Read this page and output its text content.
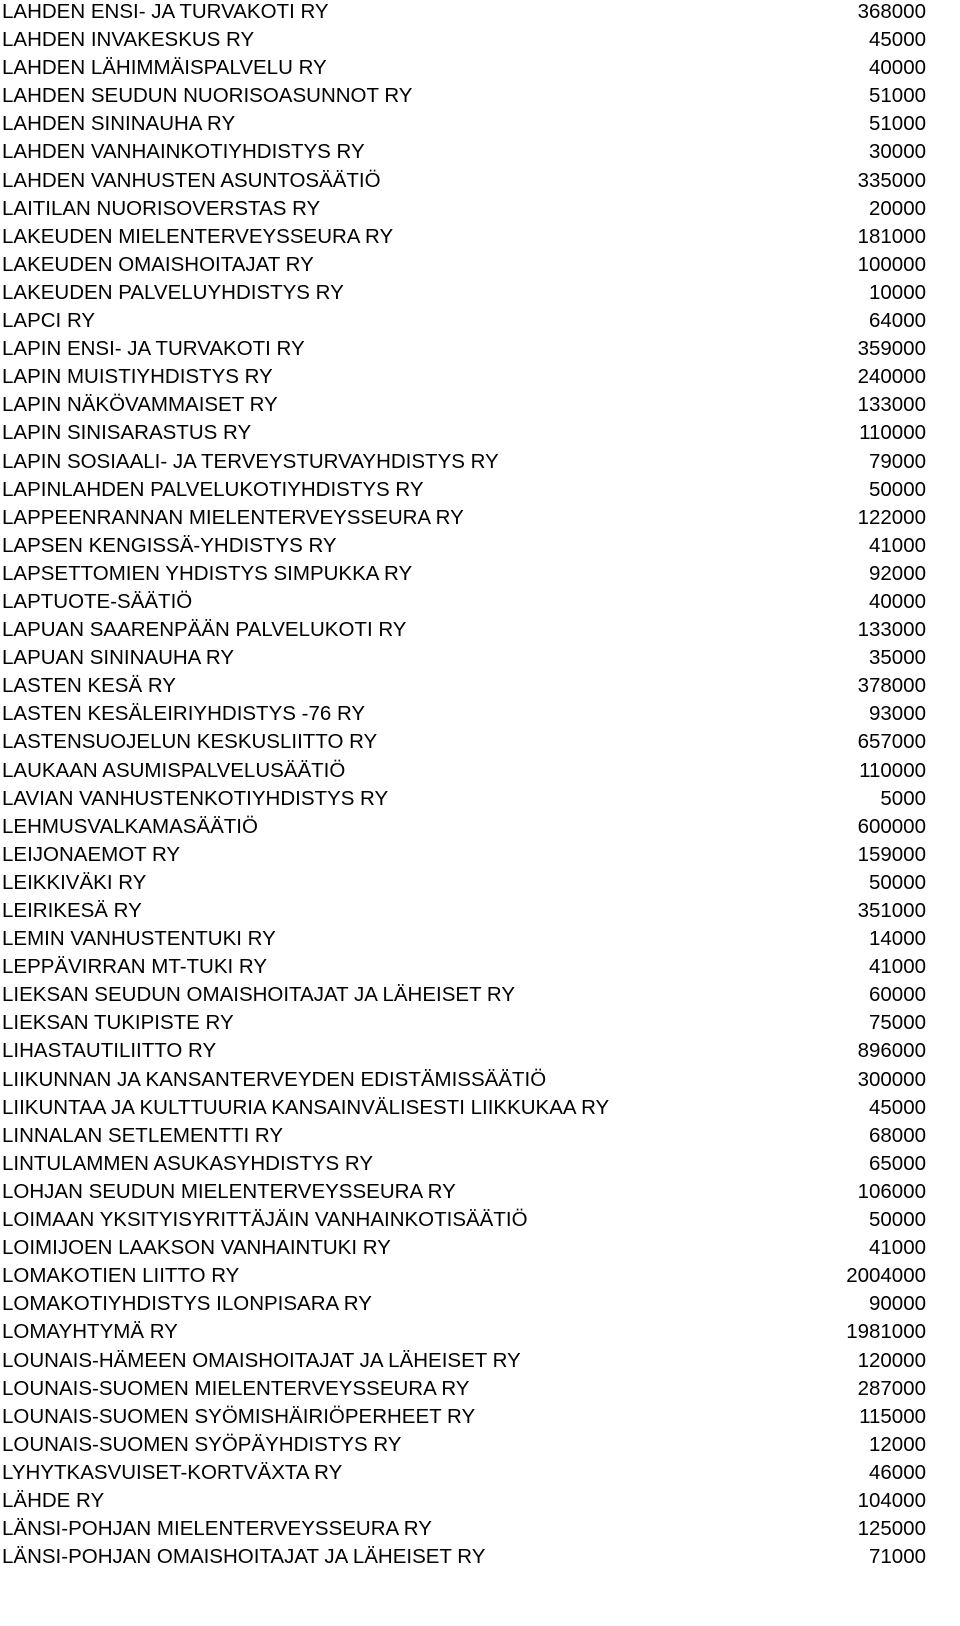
LAHDEN ENSI- JA TURVAKOTI RY	368000
LAHDEN INVAKESKUS RY	45000
LAHDEN LÄHIMMÄISPALVELU RY	40000
LAHDEN SEUDUN NUORISOASUNNOT RY	51000
LAHDEN SININAUHA RY	51000
LAHDEN VANHAINKOTIYHDISTYS RY	30000
LAHDEN VANHUSTEN ASUNTOSÄÄTIÖ	335000
LAITILAN NUORISOVERSTAS RY	20000
LAKEUDEN MIELENTERVEYSSEURA RY	181000
LAKEUDEN OMAISHOITAJAT RY	100000
LAKEUDEN PALVELUYHDISTYS RY	10000
LAPCI RY	64000
LAPIN ENSI- JA TURVAKOTI RY	359000
LAPIN MUISTIYHDISTYS RY	240000
LAPIN NÄKÖVAMMAISET RY	133000
LAPIN SINISARASTUS RY	110000
LAPIN SOSIAALI- JA TERVEYSTURVAYHDISTYS RY	79000
LAPINLAHDEN PALVELUKOTIYHDISTYS RY	50000
LAPPEENRANNAN MIELENTERVEYSSEURA RY	122000
LAPSEN KENGISSÄ-YHDISTYS RY	41000
LAPSETTOMIEN YHDISTYS SIMPUKKA RY	92000
LAPTUOTE-SÄÄTIÖ	40000
LAPUAN SAARENPÄÄN PALVELUKOTI RY	133000
LAPUAN SININAUHA RY	35000
LASTEN KESÄ RY	378000
LASTEN KESÄLEIRIYHDISTYS -76 RY	93000
LASTENSUOJELUN KESKUSLIITTO RY	657000
LAUKAAN ASUMISPALVELUSÄÄTIÖ	110000
LAVIAN VANHUSTENKOTIYHDISTYS RY	5000
LEHMUSVALKAMASÄÄTIÖ	600000
LEIJONAEMOT RY	159000
LEIKKIVÄKI RY	50000
LEIRIKESÄ RY	351000
LEMIN VANHUSTENTUKI RY	14000
LEPPÄVIRRAN MT-TUKI RY	41000
LIEKSAN SEUDUN OMAISHOITAJAT JA LÄHEISET RY	60000
LIEKSAN TUKIPISTE RY	75000
LIHASTAUTILIITTO RY	896000
LIIKUNNAN JA KANSANTERVEYDEN EDISTÄMISSÄÄTIÖ	300000
LIIKUNTAA JA KULTTUURIA KANSAINVÄLISESTI LIIKKUKAA RY	45000
LINNALAN SETLEMENTTI RY	68000
LINTULAMMEN ASUKASYHDISTYS RY	65000
LOHJAN SEUDUN MIELENTERVEYSSEURA RY	106000
LOIMAAN YKSITYISYRITTÄJÄIN VANHAINKOTISÄÄTIÖ	50000
LOIMIJOEN LAAKSON VANHAINTUKI RY	41000
LOMAKOTIEN LIITTO RY	2004000
LOMAKOTIYHDISTYS ILONPISARA RY	90000
LOMAYHTYMÄ RY	1981000
LOUNAIS-HÄMEEN OMAISHOITAJAT JA LÄHEISET RY	120000
LOUNAIS-SUOMEN MIELENTERVEYSSEURA RY	287000
LOUNAIS-SUOMEN SYÖMISHÄIRIÖPERHEET RY	115000
LOUNAIS-SUOMEN SYÖPÄYHDISTYS RY	12000
LYHYTKASVUISET-KORTVÄXTA RY	46000
LÄHDE RY	104000
LÄNSI-POHJAN MIELENTERVEYSSEURA RY	125000
LÄNSI-POHJAN OMAISHOITAJAT JA LÄHEISET RY	71000
